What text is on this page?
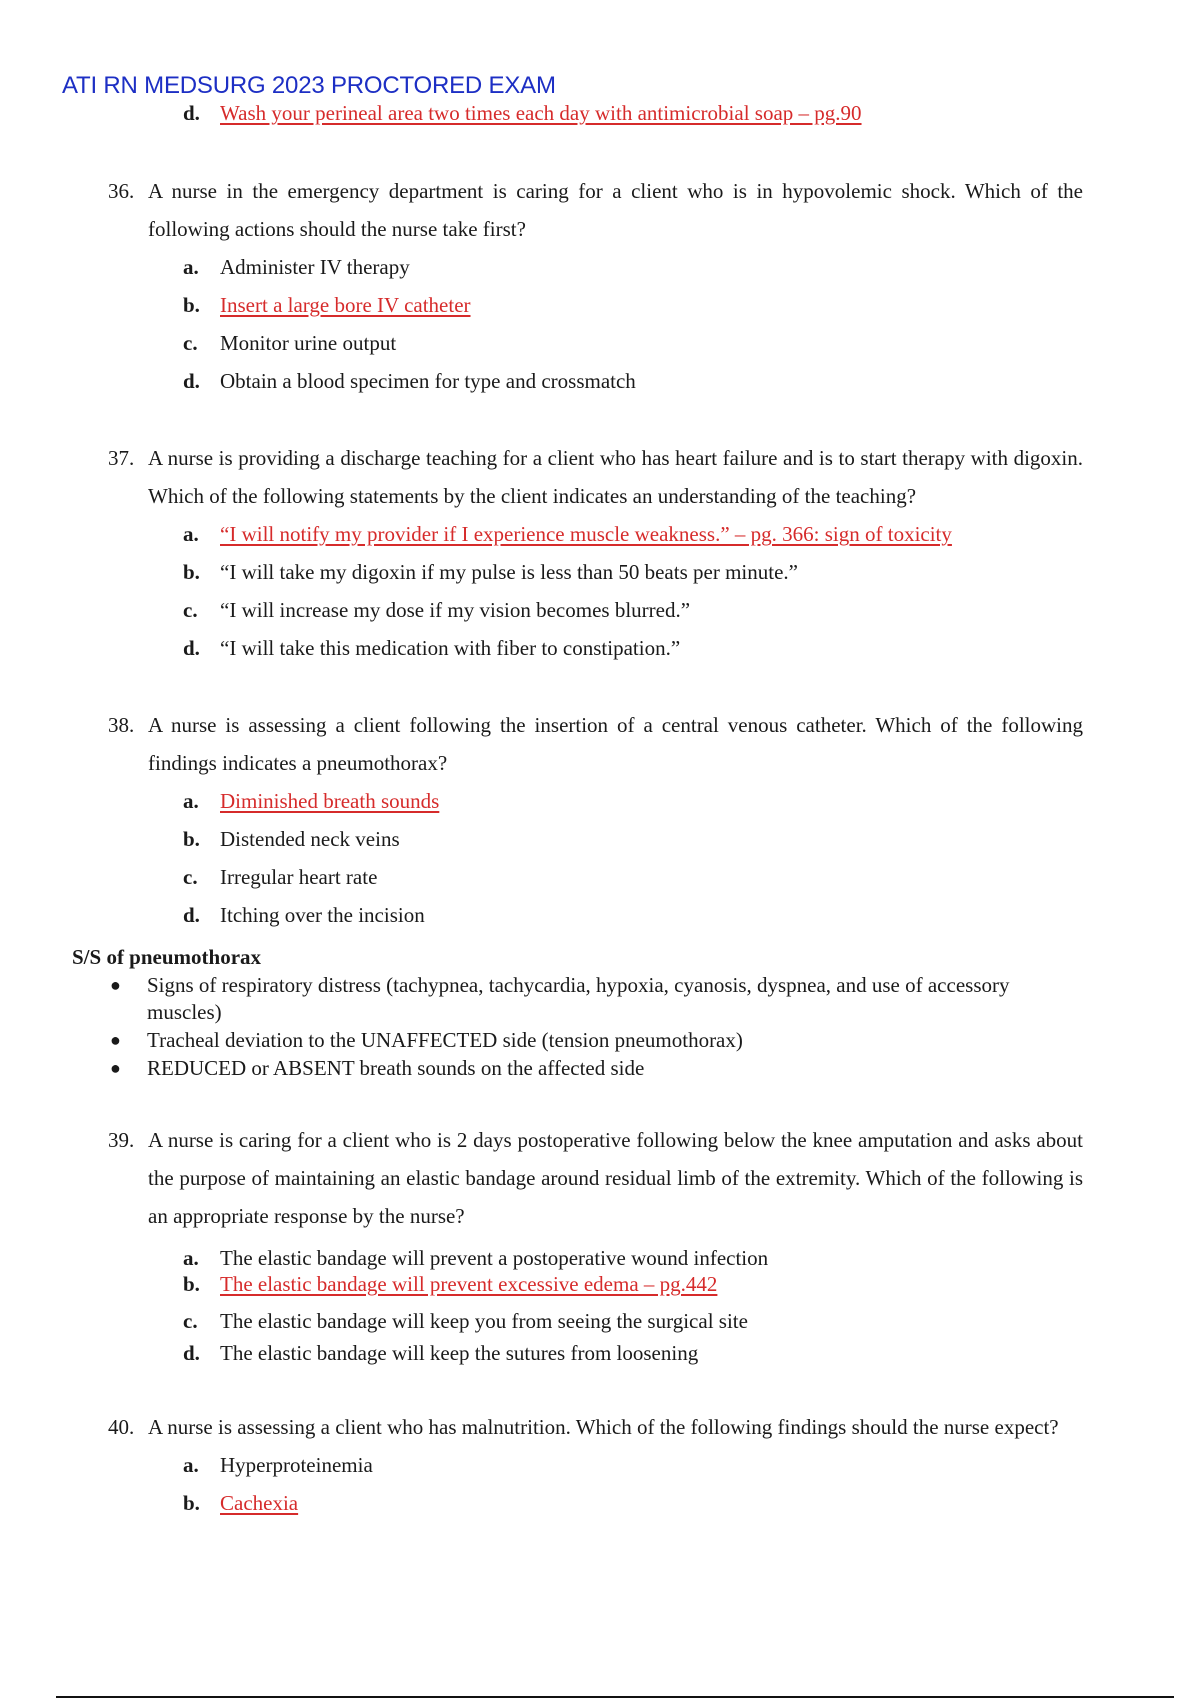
ATI RN MEDSURG 2023 PROCTORED EXAM
d. Wash your perineal area two times each day with antimicrobial soap – pg.90
36. A nurse in the emergency department is caring for a client who is in hypovolemic shock. Which of the following actions should the nurse take first?
a. Administer IV therapy
b. Insert a large bore IV catheter
c. Monitor urine output
d. Obtain a blood specimen for type and crossmatch
37. A nurse is providing a discharge teaching for a client who has heart failure and is to start therapy with digoxin. Which of the following statements by the client indicates an understanding of the teaching?
a. “I will notify my provider if I experience muscle weakness.” – pg. 366: sign of toxicity
b. “I will take my digoxin if my pulse is less than 50 beats per minute.”
c. “I will increase my dose if my vision becomes blurred.”
d. “I will take this medication with fiber to constipation.”
38. A nurse is assessing a client following the insertion of a central venous catheter. Which of the following findings indicates a pneumothorax?
a. Diminished breath sounds
b. Distended neck veins
c. Irregular heart rate
d. Itching over the incision
S/S of pneumothorax
● Signs of respiratory distress (tachypnea, tachycardia, hypoxia, cyanosis, dyspnea, and use of accessory muscles)
● Tracheal deviation to the UNAFFECTED side (tension pneumothorax)
● REDUCED or ABSENT breath sounds on the affected side
39. A nurse is caring for a client who is 2 days postoperative following below the knee amputation and asks about the purpose of maintaining an elastic bandage around residual limb of the extremity. Which of the following is an appropriate response by the nurse?
a. The elastic bandage will prevent a postoperative wound infection
b. The elastic bandage will prevent excessive edema – pg.442
c. The elastic bandage will keep you from seeing the surgical site
d. The elastic bandage will keep the sutures from loosening
40. A nurse is assessing a client who has malnutrition. Which of the following findings should the nurse expect?
a. Hyperproteinemia
b. Cachexia
